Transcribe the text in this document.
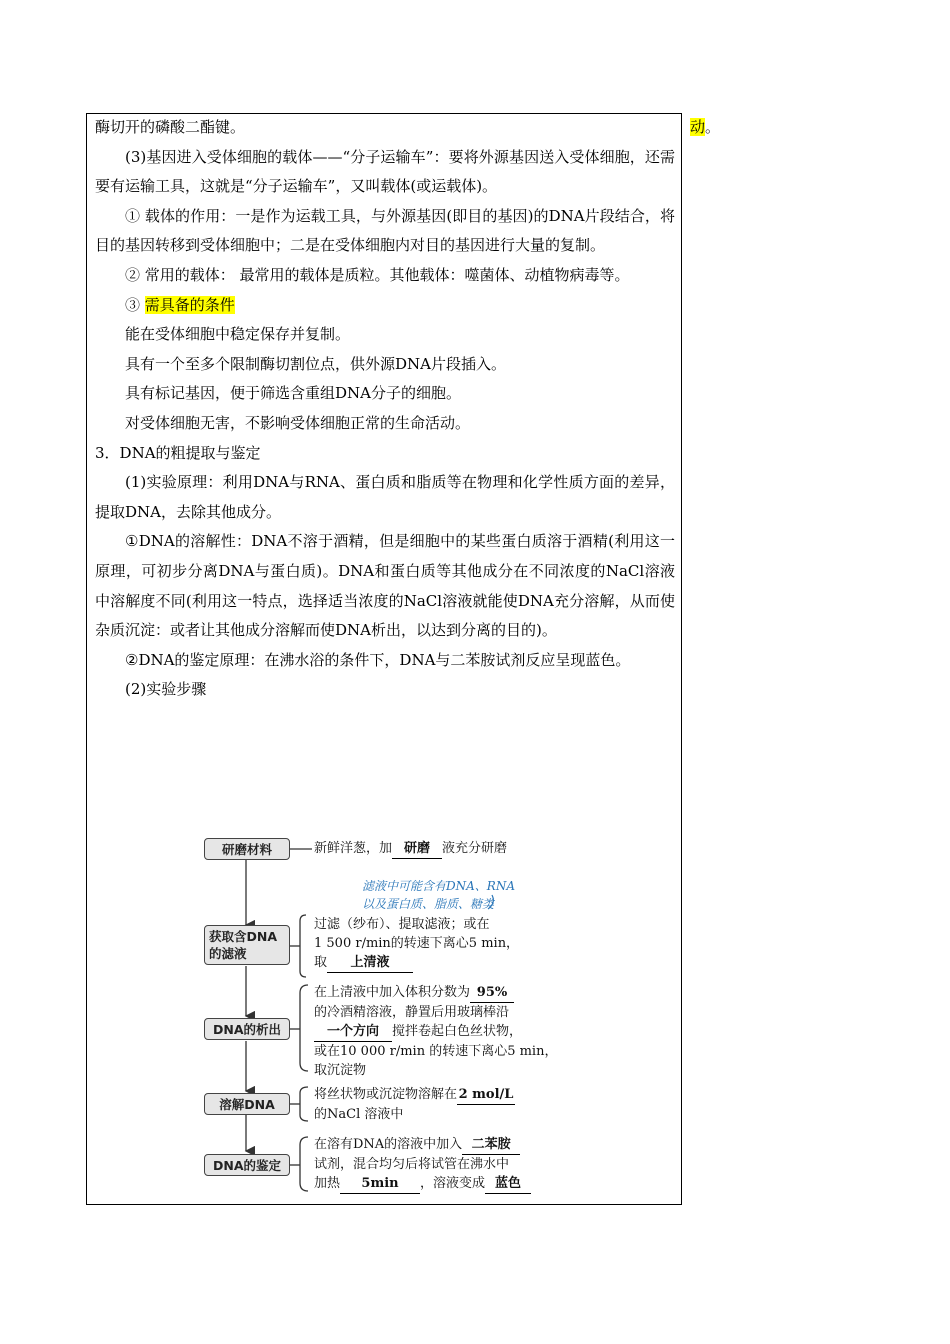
动。

酶切开的磷酸二酯键。

(3)基因进入受体细胞的载体——“分子运输车”：要将外源基因送入受体细胞，还需要有运输工具，这就是“分子运输车”，又叫载体(或运载体)。

① 载体的作用：一是作为运载工具，与外源基因(即目的基因)的DNA片段结合，将目的基因转移到受体细胞中；二是在受体细胞内对目的基因进行大量的复制。

② 常用的载体： 最常用的载体是质粒。其他载体：噬菌体、动植物病毒等。

③ 需具备的条件

能在受体细胞中稳定保存并复制。

具有一个至多个限制酶切割位点，供外源DNA片段插入。

具有标记基因，便于筛选含重组DNA分子的细胞。

对受体细胞无害，不影响受体细胞正常的生命活动。

3．DNA的粗提取与鉴定

(1)实验原理：利用DNA与RNA、蛋白质和脂质等在物理和化学性质方面的差异，提取DNA，去除其他成分。

①DNA的溶解性：DNA不溶于酒精，但是细胞中的某些蛋白质溶于酒精(利用这一原理，可初步分离DNA与蛋白质)。DNA和蛋白质等其他成分在不同浓度的NaCl溶液中溶解度不同(利用这一特点，选择适当浓度的NaCl溶液就能使DNA充分溶解，从而使杂质沉淀：或者让其他成分溶解而使DNA析出，以达到分离的目的)。

②DNA的鉴定原理：在沸水浴的条件下，DNA与二苯胺试剂反应呈现蓝色。

(2)实验步骤

滤液中可能含有DNA、RNA
以及蛋白质、脂质、糖类
研磨材料	新鲜洋葱，加 研磨 液充分研磨
获取含DNA的滤液
过滤（纱布）、提取滤液；或在
1 500 r/min的转速下离心5 min，
取 上清液
DNA的析出
在上清液中加入体积分数为 95%
的冷酒精溶液，静置后用玻璃棒沿
一个方向 搅拌卷起白色丝状物，
或在10 000 r/min 的转速下离心5 min，
取沉淀物
溶解DNA
将丝状物或沉淀物溶解在 2 mol/L
的NaCl 溶液中
DNA的鉴定
在溶有DNA的溶液中加入 二苯胺
试剂，混合均匀后将试管在沸水中
加热 5min ，溶液变成 蓝色
